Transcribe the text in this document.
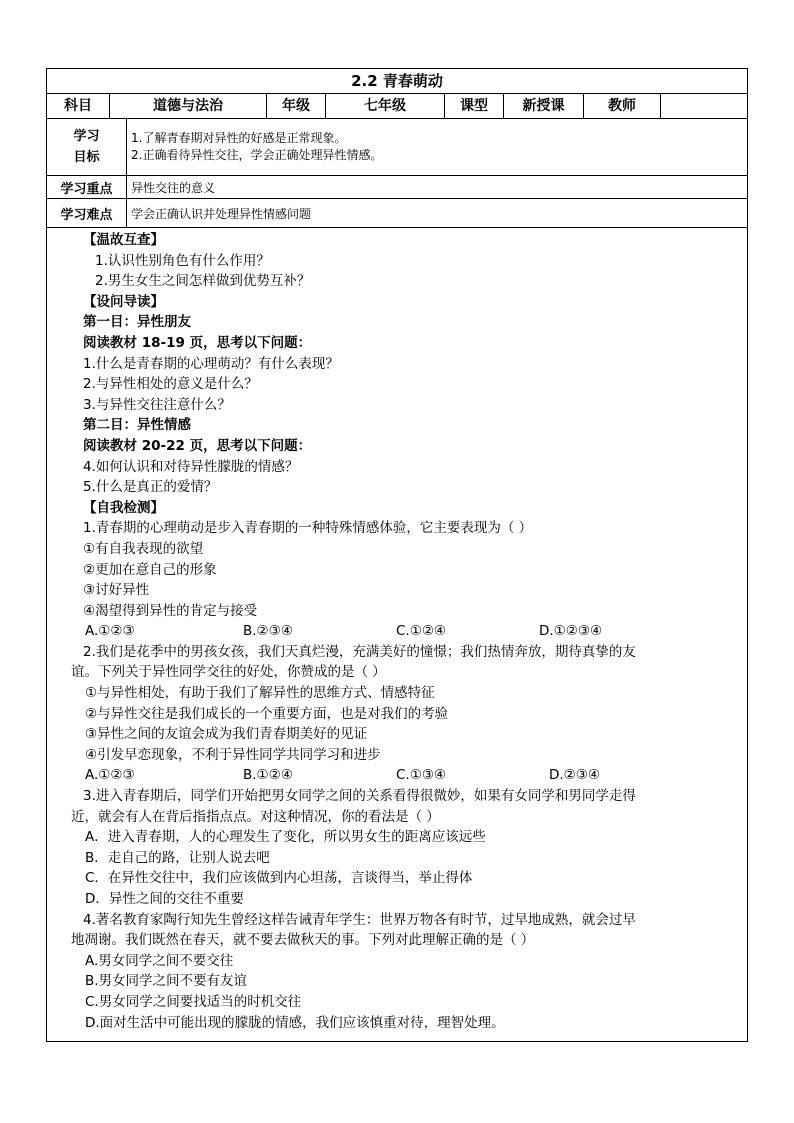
2.2 青春萌动
科目	道德与法治	年级	七年级	课型	新授课	教师
学习
目标
1.了解青春期对异性的好感是正常现象。
2.正确看待异性交往，学会正确处理异性情感。
学习重点	异性交往的意义
学习难点	学会正确认识并处理异性情感问题
【温故互查】
1.认识性别角色有什么作用？
2.男生女生之间怎样做到优势互补？
【设问导读】
第一目：异性朋友
阅读教材 18-19 页，思考以下问题：
1.什么是青春期的心理萌动？有什么表现？
2.与异性相处的意义是什么？
3.与异性交往注意什么？
第二目：异性情感
阅读教材 20-22 页，思考以下问题：
4.如何认识和对待异性朦胧的情感？
5.什么是真正的爱情？
【自我检测】
1.青春期的心理萌动是步入青春期的一种特殊情感体验，它主要表现为（ ）
①有自我表现的欲望
②更加在意自己的形象
③讨好异性
④渴望得到异性的肯定与接受
A.①②③	B.②③④	C.①②④	D.①②③④
2.我们是花季中的男孩女孩，我们天真烂漫，充满美好的憧憬；我们热情奔放，期待真挚的友
谊。下列关于异性同学交往的好处，你赞成的是（ ）
①与异性相处，有助于我们了解异性的思维方式、情感特征
②与异性交往是我们成长的一个重要方面，也是对我们的考验
③异性之间的友谊会成为我们青春期美好的见证
④引发早恋现象，不利于异性同学共同学习和进步
A.①②③	B.①②④	C.①③④	D.②③④
3.进入青春期后，同学们开始把男女同学之间的关系看得很微妙，如果有女同学和男同学走得
近，就会有人在背后指指点点。对这种情况，你的看法是（ ）
A．进入青春期，人的心理发生了变化，所以男女生的距离应该远些
B．走自己的路，让别人说去吧
C．在异性交往中，我们应该做到内心坦荡，言谈得当，举止得体
D．异性之间的交往不重要
4.著名教育家陶行知先生曾经这样告诫青年学生：世界万物各有时节，过早地成熟，就会过早
地凋谢。我们既然在春天，就不要去做秋天的事。下列对此理解正确的是（ ）
A.男女同学之间不要交往
B.男女同学之间不要有友谊
C.男女同学之间要找适当的时机交往
D.面对生活中可能出现的朦胧的情感，我们应该慎重对待，理智处理。
